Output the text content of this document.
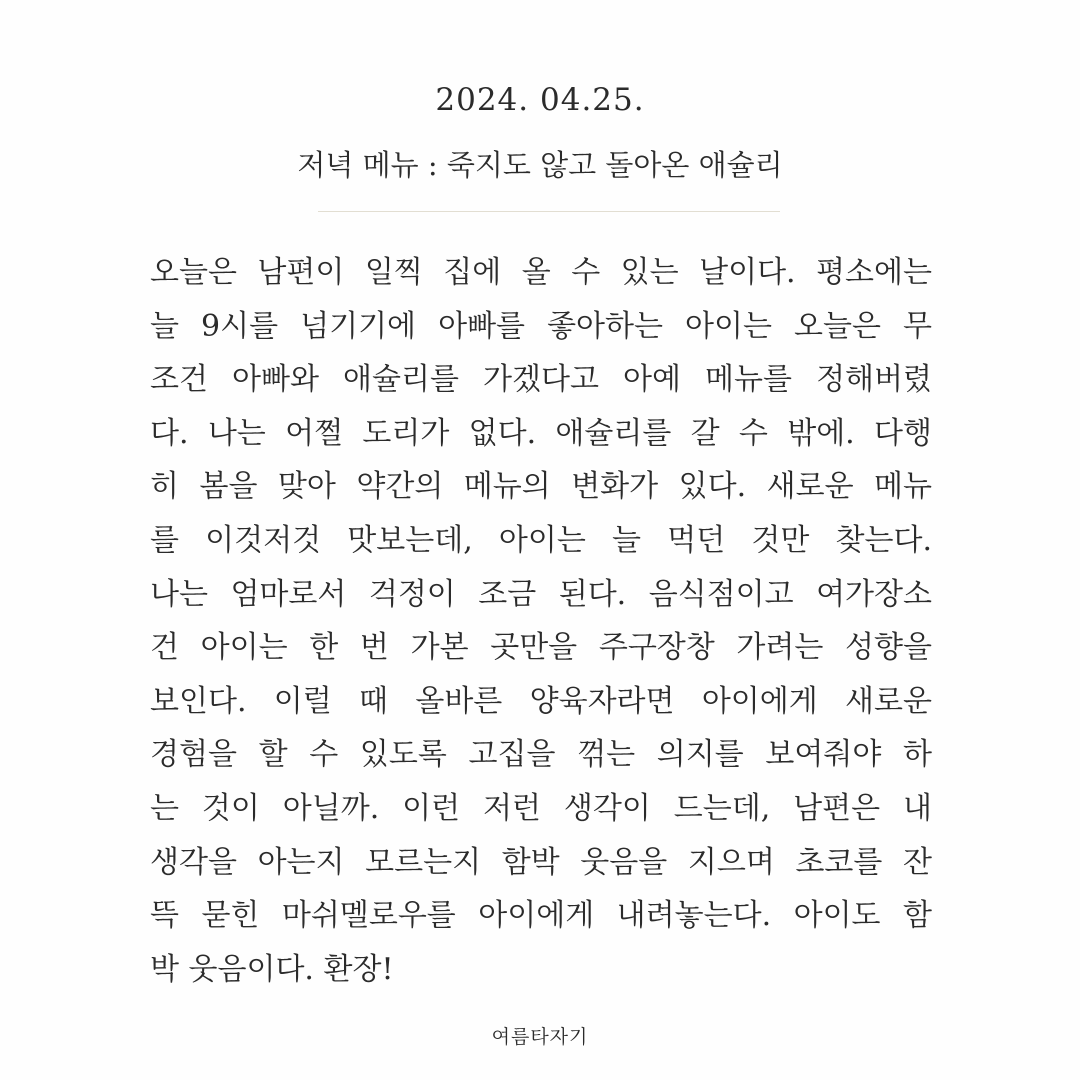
2024. 04.25.
저녁 메뉴 : 죽지도 않고 돌아온 애슐리
오늘은 남편이 일찍 집에 올 수 있는 날이다. 평소에는
늘 9시를 넘기기에 아빠를 좋아하는 아이는 오늘은 무
조건 아빠와 애슐리를 가겠다고 아예 메뉴를 정해버렸
다. 나는 어쩔 도리가 없다. 애슐리를 갈 수 밖에. 다행
히 봄을 맞아 약간의 메뉴의 변화가 있다. 새로운 메뉴
를 이것저것 맛보는데, 아이는 늘 먹던 것만 찾는다.
나는 엄마로서 걱정이 조금 된다. 음식점이고 여가장소
건 아이는 한 번 가본 곳만을 주구장창 가려는 성향을
보인다. 이럴 때 올바른 양육자라면 아이에게 새로운
경험을 할 수 있도록 고집을 꺾는 의지를 보여줘야 하
는 것이 아닐까. 이런 저런 생각이 드는데, 남편은 내
생각을 아는지 모르는지 함박 웃음을 지으며 초코를 잔
뜩 묻힌 마쉬멜로우를 아이에게 내려놓는다. 아이도 함
박 웃음이다. 환장!
여름타자기
